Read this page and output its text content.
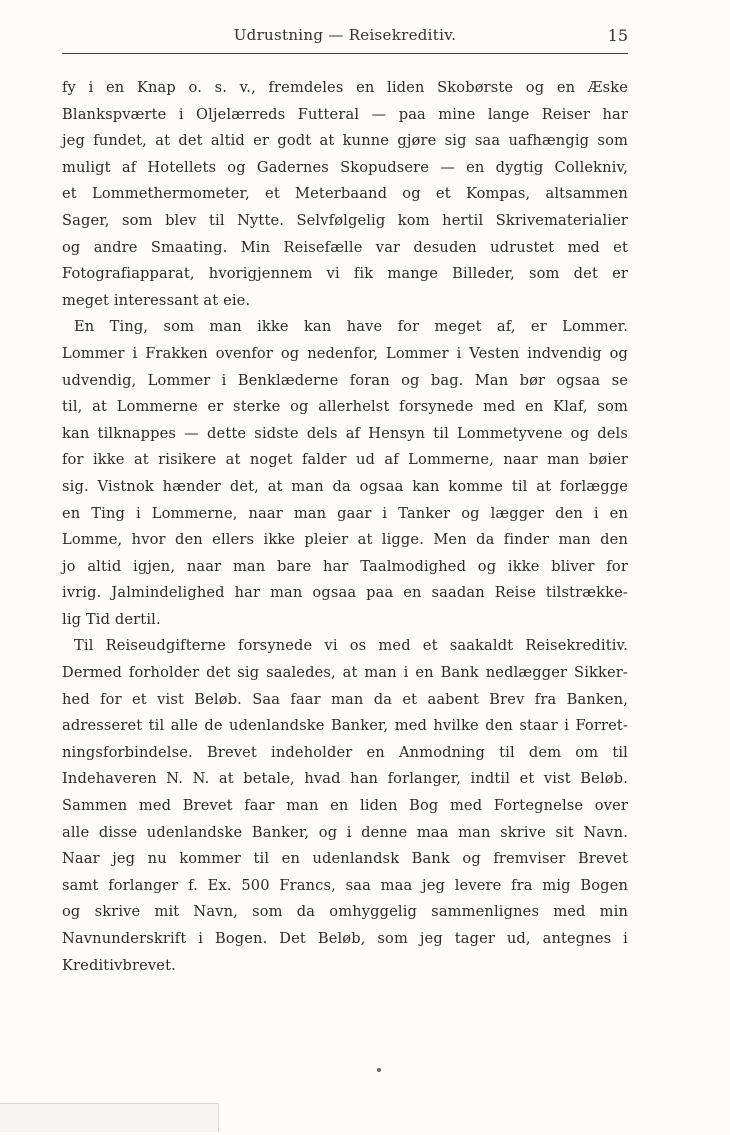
Udrustning — Reisekreditiv.	15
fy i en Knap o. s. v., fremdeles en liden Skobørste og en Æske
Blankspværte i Oljelærreds Futteral — paa mine lange Reiser har
jeg fundet, at det altid er godt at kunne gjøre sig saa uafhængig som
muligt af Hotellets og Gadernes Skopudsere — en dygtig Collekniv,
et Lommethermometer, et Meterbaand og et Kompas, altsammen
Sager, som blev til Nytte. Selvfølgelig kom hertil Skrivematerialier
og andre Smaating. Min Reisefælle var desuden udrustet med et
Fotografiapparat, hvorigjennem vi fik mange Billeder, som det er
meget interessant at eie.
En Ting, som man ikke kan have for meget af, er Lommer.
Lommer i Frakken ovenfor og nedenfor, Lommer i Vesten indvendig og
udvendig, Lommer i Benklæderne foran og bag. Man bør ogsaa se
til, at Lommerne er sterke og allerhelst forsynede med en Klaf, som
kan tilknappes — dette sidste dels af Hensyn til Lommetyvene og dels
for ikke at risikere at noget falder ud af Lommerne, naar man bøier
sig. Vistnok hænder det, at man da ogsaa kan komme til at forlægge
en Ting i Lommerne, naar man gaar i Tanker og lægger den i en
Lomme, hvor den ellers ikke pleier at ligge. Men da finder man den
jo altid igjen, naar man bare har Taalmodighed og ikke bliver for
ivrig. Jalmindelighed har man ogsaa paa en saadan Reise tilstrække-
lig Tid dertil.
Til Reiseudgifterne forsynede vi os med et saakaldt Reisekreditiv.
Dermed forholder det sig saaledes, at man i en Bank nedlægger Sikker-
hed for et vist Beløb. Saa faar man da et aabent Brev fra Banken,
adresseret til alle de udenlandske Banker, med hvilke den staar i Forret-
ningsforbindelse. Brevet indeholder en Anmodning til dem om til
Indehaveren N. N. at betale, hvad han forlanger, indtil et vist Beløb.
Sammen med Brevet faar man en liden Bog med Fortegnelse over
alle disse udenlandske Banker, og i denne maa man skrive sit Navn.
Naar jeg nu kommer til en udenlandsk Bank og fremviser Brevet
samt forlanger f. Ex. 500 Francs, saa maa jeg levere fra mig Bogen
og skrive mit Navn, som da omhyggelig sammenlignes med min
Navnunderskrift i Bogen. Det Beløb, som jeg tager ud, antegnes i
Kreditivbrevet.
